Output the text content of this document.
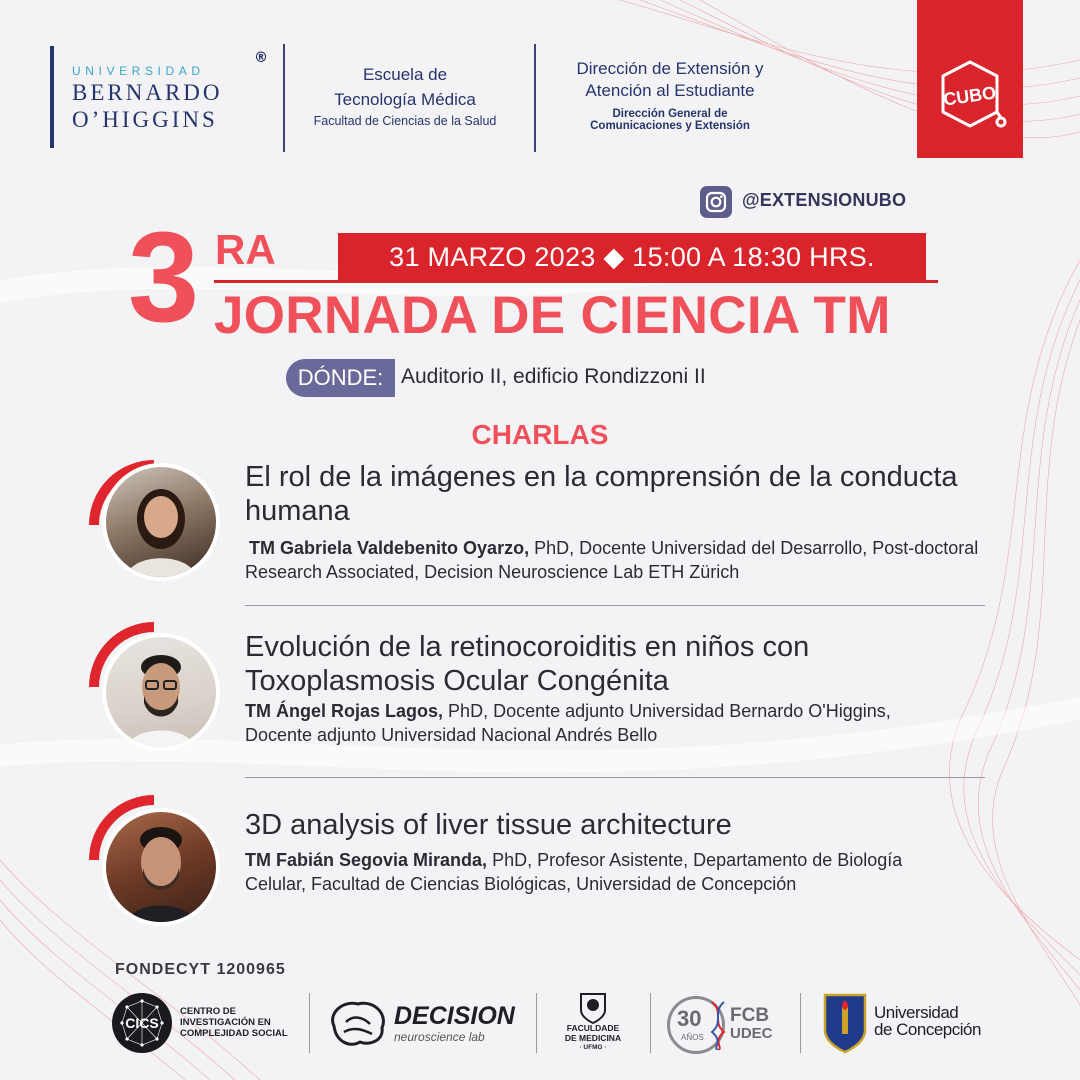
UNIVERSIDAD
BERNARDO
O’HIGGINS
®
Escuela de
Tecnología Médica
Facultad de Ciencias de la Salud
Dirección de Extensión y
Atención al Estudiante
Dirección General de
Comunicaciones y Extensión
CUBO
@EXTENSIONUBO
3 RA	31 MARZO 2023 ◆ 15:00 A 18:30 HRS.
JORNADA DE CIENCIA TM
DÓNDE: Auditorio II, edificio Rondizzoni II
CHARLAS
El rol de la imágenes en la comprensión de la conducta humana
TM Gabriela Valdebenito Oyarzo, PhD, Docente Universidad del Desarrollo, Post-doctoral Research Associated, Decision Neuroscience Lab ETH Zürich
Evolución de la retinocoroiditis en niños con Toxoplasmosis Ocular Congénita
TM Ángel Rojas Lagos, PhD, Docente adjunto Universidad Bernardo O'Higgins, Docente adjunto Universidad Nacional Andrés Bello
3D analysis of liver tissue architecture
TM Fabián Segovia Miranda, PhD, Profesor Asistente, Departamento de Biología Celular, Facultad de Ciencias Biológicas, Universidad de Concepción
FONDECYT 1200965
CICS
CENTRO DE
INVESTIGACIÓN EN
COMPLEJIDAD SOCIAL
DECISION
neuroscience lab
FACULDADE
DE MEDICINA
· UFMG ·
30
AÑOS
FCB
UDEC
Universidad
de Concepción
